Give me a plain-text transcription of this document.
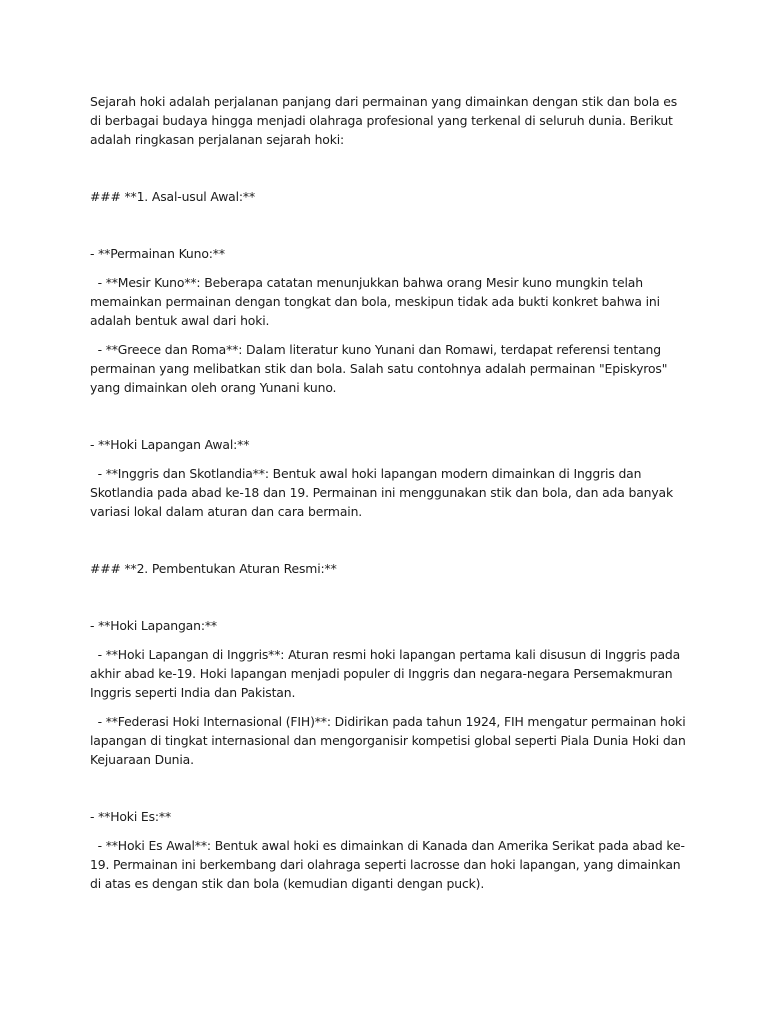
Sejarah hoki adalah perjalanan panjang dari permainan yang dimainkan dengan stik dan bola es di berbagai budaya hingga menjadi olahraga profesional yang terkenal di seluruh dunia. Berikut adalah ringkasan perjalanan sejarah hoki:

### **1. Asal-usul Awal:**

- **Permainan Kuno:**

- **Mesir Kuno**: Beberapa catatan menunjukkan bahwa orang Mesir kuno mungkin telah memainkan permainan dengan tongkat dan bola, meskipun tidak ada bukti konkret bahwa ini adalah bentuk awal dari hoki.

- **Greece dan Roma**: Dalam literatur kuno Yunani dan Romawi, terdapat referensi tentang permainan yang melibatkan stik dan bola. Salah satu contohnya adalah permainan "Episkyros" yang dimainkan oleh orang Yunani kuno.

- **Hoki Lapangan Awal:**

- **Inggris dan Skotlandia**: Bentuk awal hoki lapangan modern dimainkan di Inggris dan Skotlandia pada abad ke-18 dan 19. Permainan ini menggunakan stik dan bola, dan ada banyak variasi lokal dalam aturan dan cara bermain.

### **2. Pembentukan Aturan Resmi:**

- **Hoki Lapangan:**

- **Hoki Lapangan di Inggris**: Aturan resmi hoki lapangan pertama kali disusun di Inggris pada akhir abad ke-19. Hoki lapangan menjadi populer di Inggris dan negara-negara Persemakmuran Inggris seperti India dan Pakistan.

- **Federasi Hoki Internasional (FIH)**: Didirikan pada tahun 1924, FIH mengatur permainan hoki lapangan di tingkat internasional dan mengorganisir kompetisi global seperti Piala Dunia Hoki dan Kejuaraan Dunia.

- **Hoki Es:**

- **Hoki Es Awal**: Bentuk awal hoki es dimainkan di Kanada dan Amerika Serikat pada abad ke-19. Permainan ini berkembang dari olahraga seperti lacrosse dan hoki lapangan, yang dimainkan di atas es dengan stik dan bola (kemudian diganti dengan puck).
